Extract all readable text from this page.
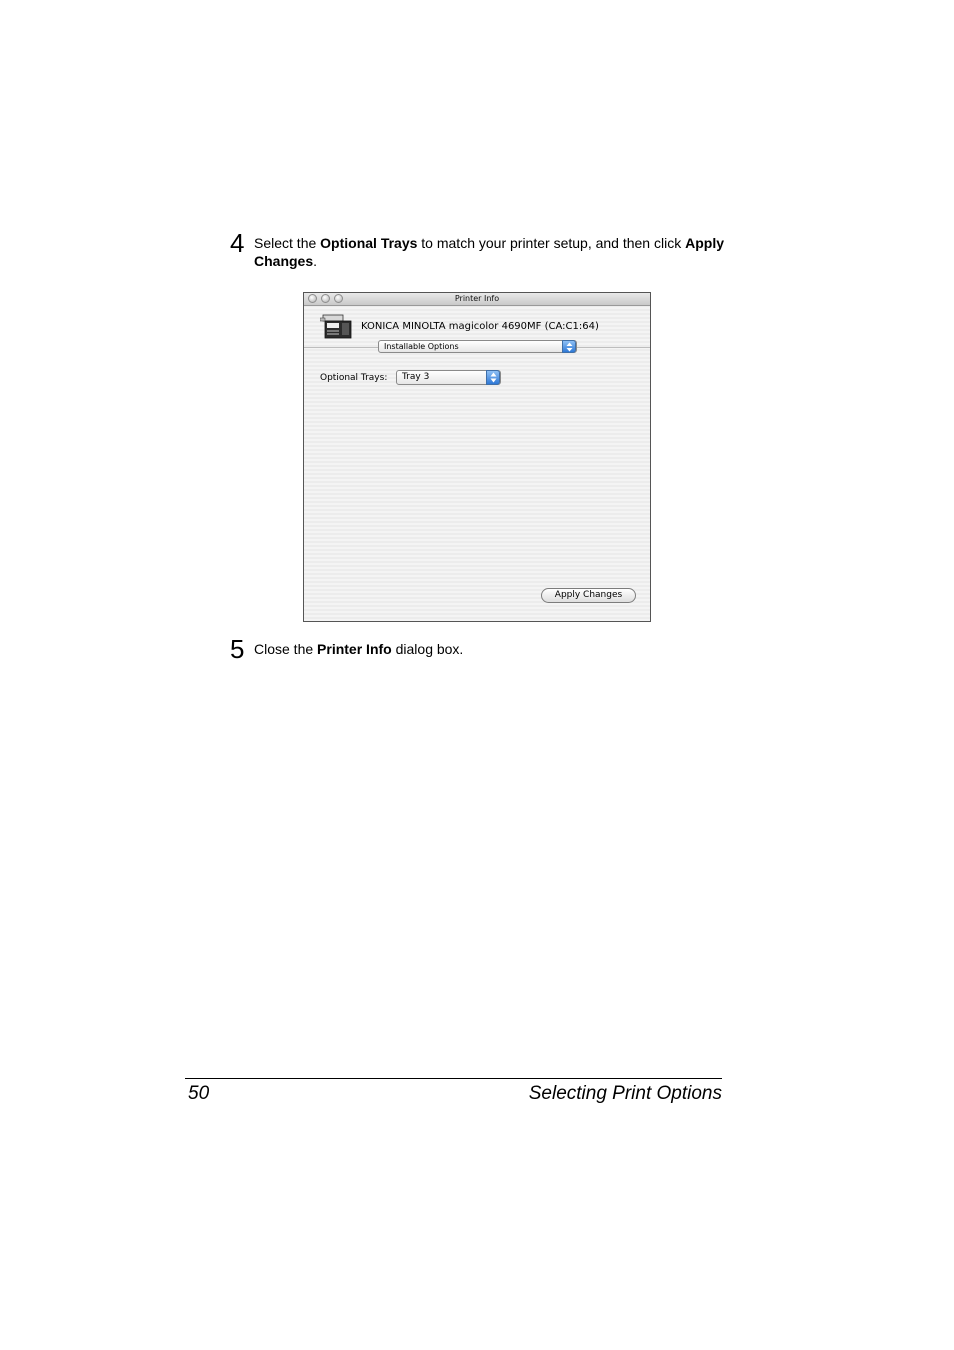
4 Select the Optional Trays to match your printer setup, and then click Apply Changes.
Printer Info
KONICA MINOLTA magicolor 4690MF (CA:C1:64)
Installable Options
Optional Trays: Tray 3
Apply Changes
5 Close the Printer Info dialog box.
50	Selecting Print Options
